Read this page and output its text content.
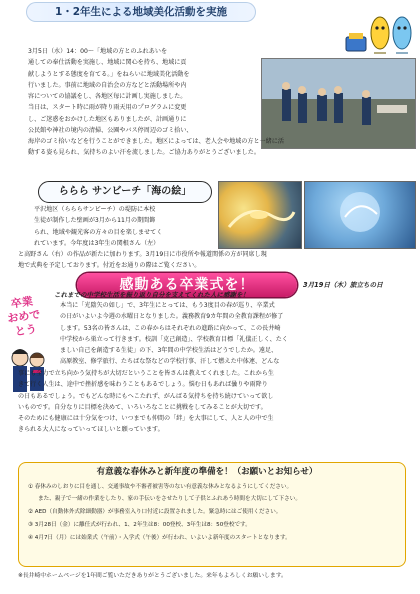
1・2年生による地域美化活動を実施
3月5日（水）14：00～「地域の方とのふれあいを
通しての奉仕活動を実施し、地域に関心を持ち、地域に貢
献しようとする態度を育てる。」をねらいに地域美化活動を
行いました。事前に地域の自治会の方などと活動場所や内
容についての協議をし、各地区毎に計画し実施しました。
当日は、スタート時に雨が降り雨天用のプログラムに変更
し、ご迷惑をおかけした地区もありましたが、計画通りに
公民館や神社の境内の清掃、公園やバス停周辺のゴミ拾い、
海岸のゴミ拾いなどを行うことができました。地区によっては、老人会や地域の方と一緒に活
動する姿も見られ、気持ちのよい汗を流しました。ご協力ありがとうございました。
ららら サンビーチ「海の絵」
平沢地区（らららサンビーチ）の堤防に本校
生徒が制作した壁画が3月から11月の期間飾
られ、地域や観光客の方々の目を楽しませてく
れています。今年度は3年生の関根さん（左）
と高野さん（右）の作品が新たに加わります。3月19日に市役所や報道関係の方が同席し現
地で式典を予定しております。付近をお通りの際はご覧ください。
感動ある卒業式を！	3月19日（木）旅立ちの日
卒業 おめでとう
これまでの中学校生活を振り返り自分を支えてくれた人に感謝を！
本当に「光陰矢の如し」で、3年生にとっては、もう3度目の春が巡り、卒業式
の日がいよいよ今週の水曜日となりました。義務教育9カ年間の全教育課程が修了
します。53名の皆さんは、この春からはそれぞれの進路に向かって、この長井崎
中学校から巣立って行きます。校訓「克己創造」、学校教育目標「礼儀正しく、たく
ましい自己を創造する生徒」の下、3年間の中学校生活はどうでしたか。遠足、
高原教室、修学旅行、たちばな祭などの学校行事、汗して燃えた中体連、どんな
事にも全力で立ち向かう気持ちが大切だということを皆さんは教えてくれました。これから生
きて行く人生は、途中で挫折感を味わうこともあるでしょう。悩む日もあれば曇りや雨降り
の日もあるでしょう。でもどんな時にもへこたれず、がんばる気持ちを持ち続けていって欲し
いものです。自分なりに目標を決めて、いろいろなことに挑戦をしてみることが大切です。
そのためにも健康には十分気をつけ、いつまでも仲間の「絆」を大事にして、人と人の中で生
きられる大人になっていってほしいと願っています。
有意義な春休みと新年度の準備を！（お願いとお知らせ）
① 春休みのしおりに目を通し、交通事故や不審者被害等のない有意義な休みとなるようにしてください。
また、親子で一緒の作業をしたり、家の手伝いをさせたりして子供とふれあう時間を大切にして下さい。
② AED（自動体外式除細動器）が事務室入り口付近に設置されました。緊急時にはご使用ください。
③ 3月28日（金）に離任式が行われ、1、2年生は8：00登校、3年生は8：50登校です。
④ 4月7日（月）には始業式（午前）・入学式（午後）が行われ、いよいよ新年度のスタートとなります。
※長井崎中ホームページを1年間ご覧いただきありがとうございました。来年もよろしくお願いします。
